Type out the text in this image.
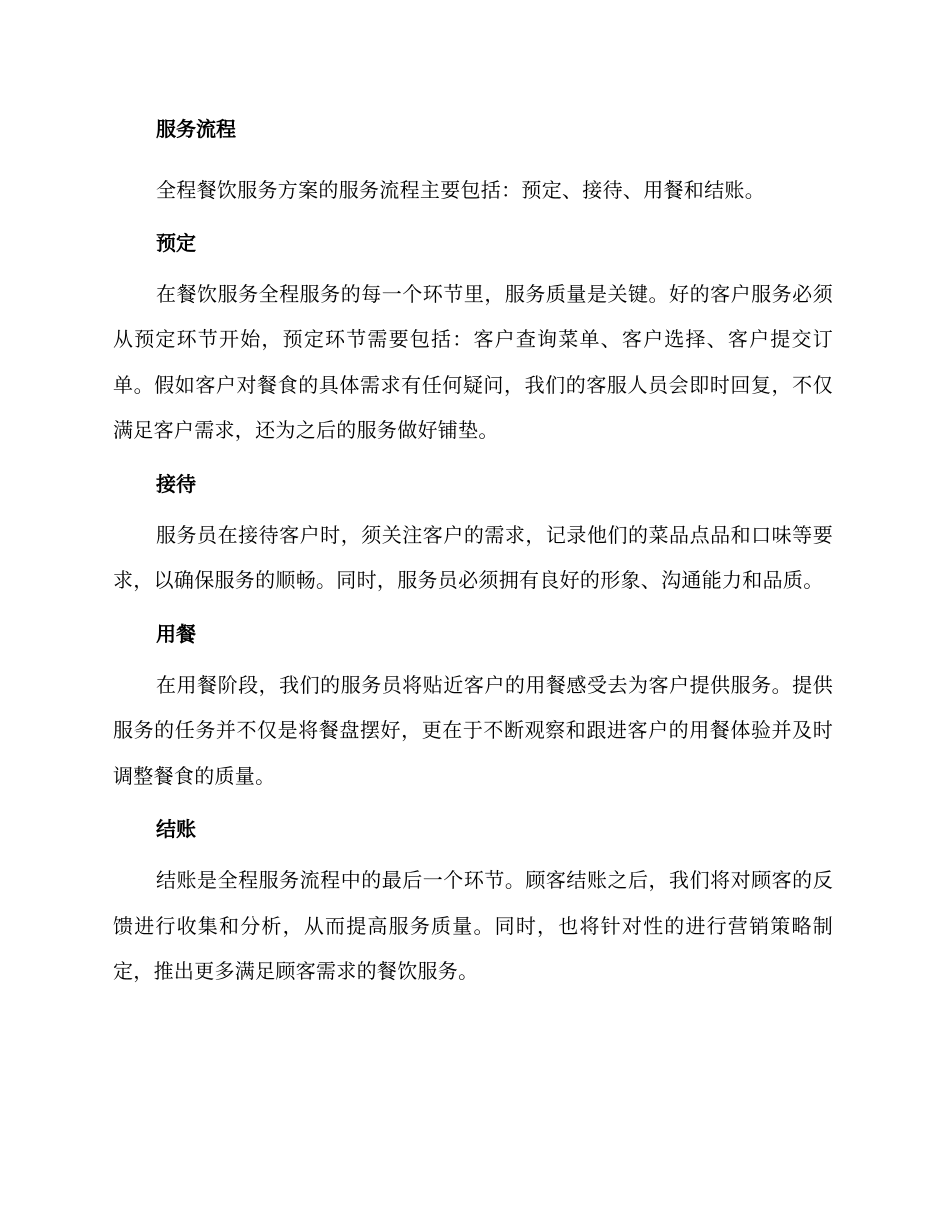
服务流程

全程餐饮服务方案的服务流程主要包括：预定、接待、用餐和结账。

预定

在餐饮服务全程服务的每一个环节里，服务质量是关键。好的客户服务必须从预定环节开始，预定环节需要包括：客户查询菜单、客户选择、客户提交订单。假如客户对餐食的具体需求有任何疑问，我们的客服人员会即时回复，不仅满足客户需求，还为之后的服务做好铺垫。

接待

服务员在接待客户时，须关注客户的需求，记录他们的菜品点品和口味等要求，以确保服务的顺畅。同时，服务员必须拥有良好的形象、沟通能力和品质。

用餐

在用餐阶段，我们的服务员将贴近客户的用餐感受去为客户提供服务。提供服务的任务并不仅是将餐盘摆好，更在于不断观察和跟进客户的用餐体验并及时调整餐食的质量。

结账

结账是全程服务流程中的最后一个环节。顾客结账之后，我们将对顾客的反馈进行收集和分析，从而提高服务质量。同时，也将针对性的进行营销策略制定，推出更多满足顾客需求的餐饮服务。
